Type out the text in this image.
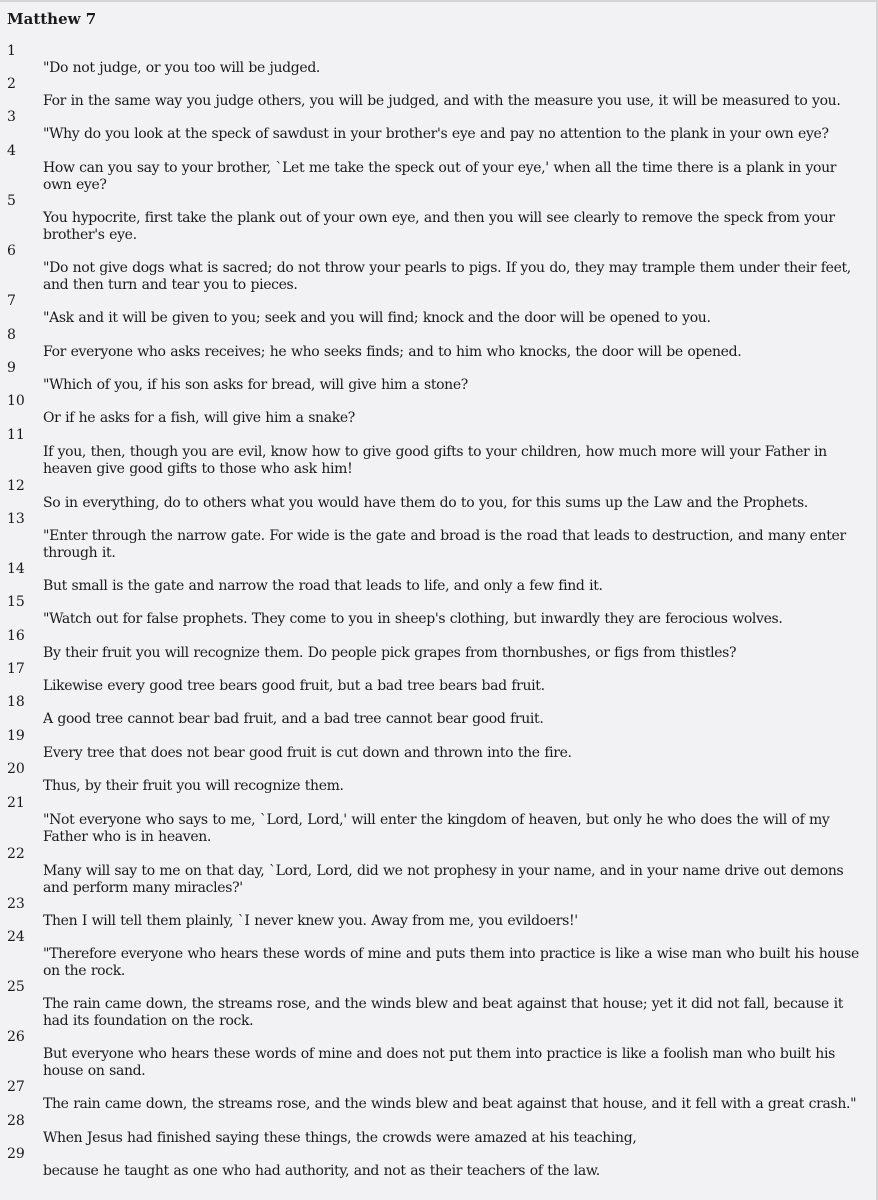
Matthew 7
1
"Do not judge, or you too will be judged.
2
For in the same way you judge others, you will be judged, and with the measure you use, it will be measured to you.
3
"Why do you look at the speck of sawdust in your brother's eye and pay no attention to the plank in your own eye?
4
How can you say to your brother, `Let me take the speck out of your eye,' when all the time there is a plank in your own eye?
5
You hypocrite, first take the plank out of your own eye, and then you will see clearly to remove the speck from your brother's eye.
6
"Do not give dogs what is sacred; do not throw your pearls to pigs. If you do, they may trample them under their feet, and then turn and tear you to pieces.
7
"Ask and it will be given to you; seek and you will find; knock and the door will be opened to you.
8
For everyone who asks receives; he who seeks finds; and to him who knocks, the door will be opened.
9
"Which of you, if his son asks for bread, will give him a stone?
10
Or if he asks for a fish, will give him a snake?
11
If you, then, though you are evil, know how to give good gifts to your children, how much more will your Father in heaven give good gifts to those who ask him!
12
So in everything, do to others what you would have them do to you, for this sums up the Law and the Prophets.
13
"Enter through the narrow gate. For wide is the gate and broad is the road that leads to destruction, and many enter through it.
14
But small is the gate and narrow the road that leads to life, and only a few find it.
15
"Watch out for false prophets. They come to you in sheep's clothing, but inwardly they are ferocious wolves.
16
By their fruit you will recognize them. Do people pick grapes from thornbushes, or figs from thistles?
17
Likewise every good tree bears good fruit, but a bad tree bears bad fruit.
18
A good tree cannot bear bad fruit, and a bad tree cannot bear good fruit.
19
Every tree that does not bear good fruit is cut down and thrown into the fire.
20
Thus, by their fruit you will recognize them.
21
"Not everyone who says to me, `Lord, Lord,' will enter the kingdom of heaven, but only he who does the will of my Father who is in heaven.
22
Many will say to me on that day, `Lord, Lord, did we not prophesy in your name, and in your name drive out demons and perform many miracles?'
23
Then I will tell them plainly, `I never knew you. Away from me, you evildoers!'
24
"Therefore everyone who hears these words of mine and puts them into practice is like a wise man who built his house on the rock.
25
The rain came down, the streams rose, and the winds blew and beat against that house; yet it did not fall, because it had its foundation on the rock.
26
But everyone who hears these words of mine and does not put them into practice is like a foolish man who built his house on sand.
27
The rain came down, the streams rose, and the winds blew and beat against that house, and it fell with a great crash."
28
When Jesus had finished saying these things, the crowds were amazed at his teaching,
29
because he taught as one who had authority, and not as their teachers of the law.
